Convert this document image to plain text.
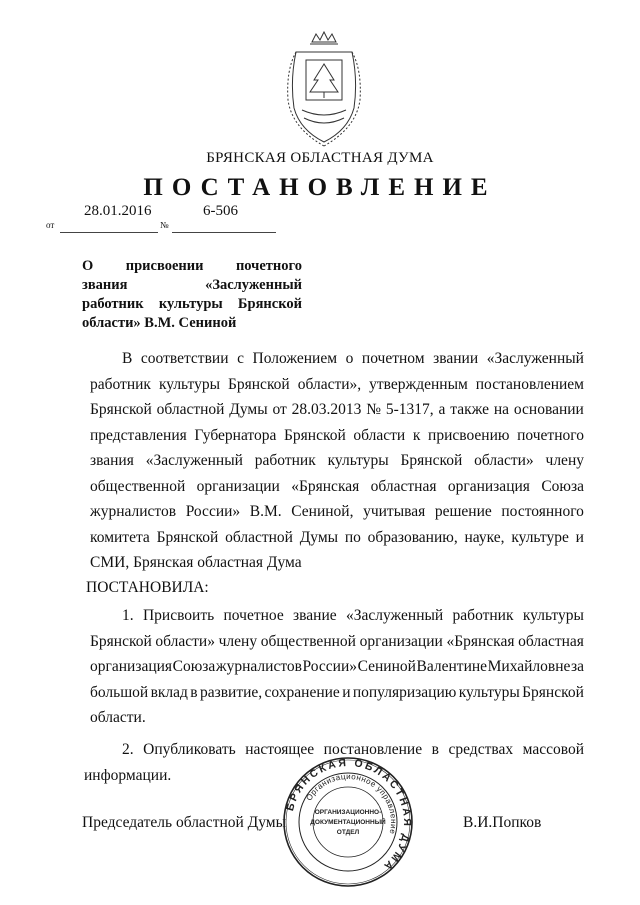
БРЯНСКАЯ ОБЛАСТНАЯ ДУМА
ПОСТАНОВЛЕНИЕ
от
28.01.2016
№
6-506
О присвоении почетного
звания	«Заслуженный
работник культуры Брянской
области» В.М. Сениной
В соответствии с Положением о почетном звании «Заслуженный
работник культуры Брянской области», утвержденным постановлением
Брянской областной Думы от 28.03.2013 № 5-1317, а также на основании
представления Губернатора Брянской области к присвоению почетного
звания «Заслуженный работник культуры Брянской области» члену
общественной организации «Брянская областная организация Союза
журналистов России» В.М. Сениной, учитывая решение постоянного
комитета Брянской областной Думы по образованию, науке, культуре и
СМИ, Брянская областная Дума
ПОСТАНОВИЛА:
1. Присвоить почетное звание «Заслуженный работник культуры
Брянской области» члену общественной организации «Брянская областная
организация Союза журналистов России» Сениной Валентине Михайловне за
большой вклад в развитие, сохранение и популяризацию культуры Брянской
области.
2. Опубликовать настоящее постановление в средствах массовой
информации.
Председатель областной Думы	В.И.Попков
БРЯНСКАЯ ОБЛАСТНАЯ ДУМА
Организационное управление
ОРГАНИЗАЦИОННО-
ДОКУМЕНТАЦИОННЫЙ
ОТДЕЛ
